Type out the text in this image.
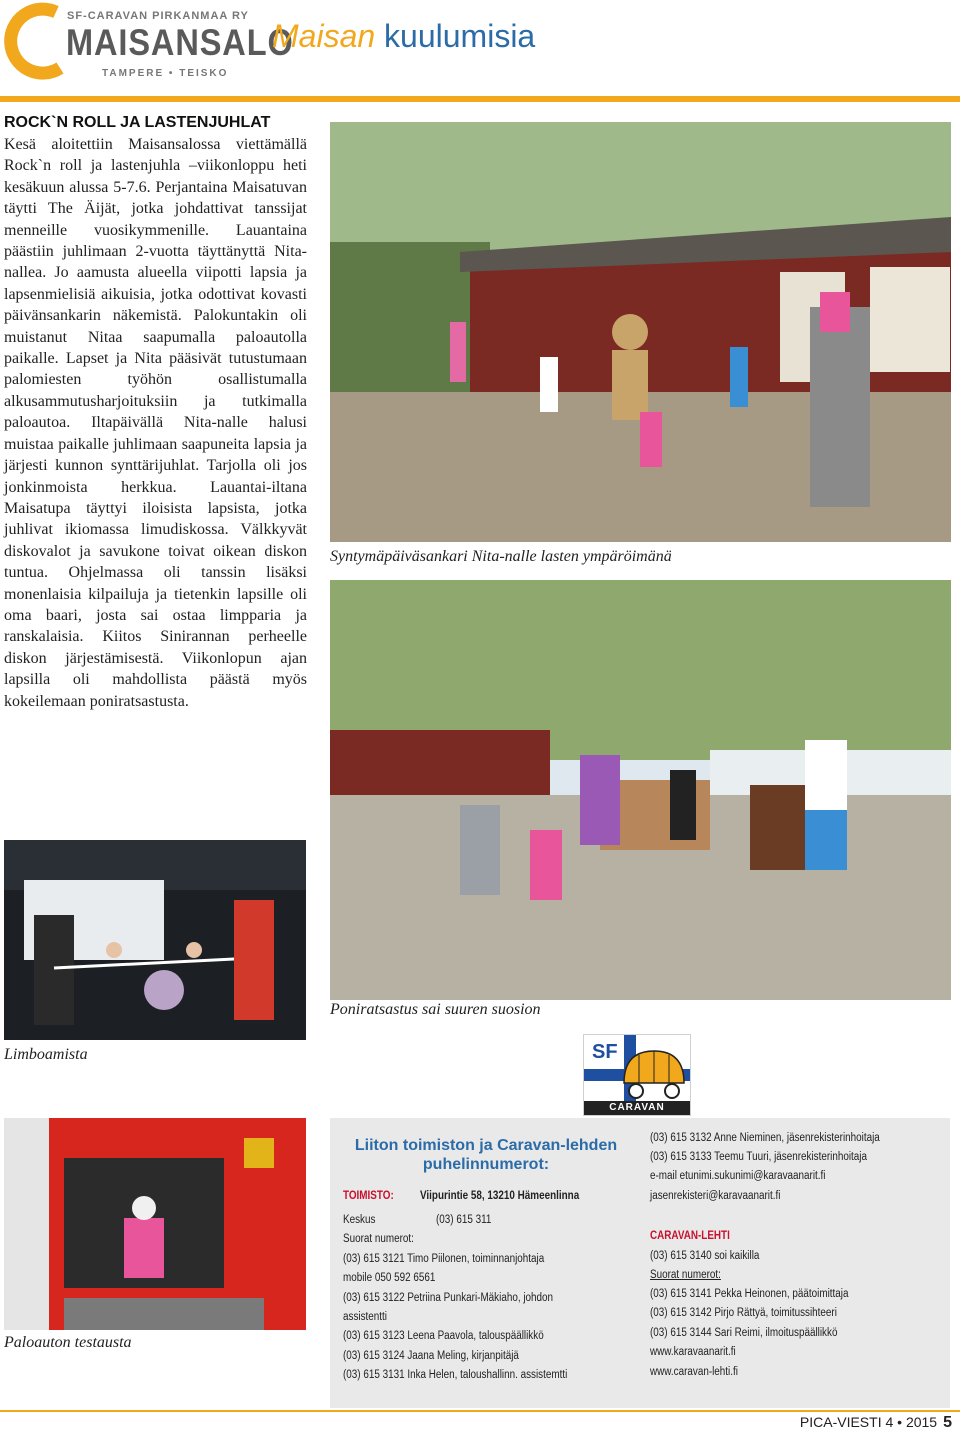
SF-CARAVAN PIRKANMAA RY
MAISANSALO
TAMPERE • TEISKO
Maisan kuulumisia
ROCK`N ROLL JA LASTENJUHLAT

Kesä aloitettiin Maisansalossa viettämällä Rock`n roll ja lastenjuhla –viikonloppu heti kesäkuun alussa 5-7.6. Perjantaina Maisatuvan täytti The Äijät, jotka johdattivat tanssijat menneille vuosikymmenille. Lauantaina päästiin juhlimaan 2-vuotta täyttänyttä Nita-nallea. Jo aamusta alueella viipotti lapsia ja lapsenmielisiä aikuisia, jotka odottivat kovasti päivänsankarin näkemistä. Palokuntakin oli muistanut Nitaa saapumalla paloautolla paikalle. Lapset ja Nita pääsivät tutustumaan palomiesten työhön osallistumalla alkusammutusharjoituksiin ja tutkimalla paloautoa. Iltapäivällä Nita-nalle halusi muistaa paikalle juhlimaan saapuneita lapsia ja järjesti kunnon synttärijuhlat. Tarjolla oli jos jonkinmoista herkkua. Lauantai-iltana Maisatupa täyttyi iloisista lapsista, jotka juhlivat ikiomassa limudiskossa. Välkkyvät diskovalot ja savukone toivat oikean diskon tuntua. Ohjelmassa oli tanssin lisäksi monenlaisia kilpailuja ja tietenkin lapsille oli oma baari, josta sai ostaa limpparia ja ranskalaisia. Kiitos Sinirannan perheelle diskon järjestämisestä. Viikonlopun ajan lapsilla oli mahdollista päästä myös kokeilemaan poniratsastusta.

Syntymäpäiväsankari Nita-nalle lasten ympäröimänä
Poniratsastus sai suuren suosion
Limboamista
Paloauton testausta
SF
CARAVAN
Liiton toimiston ja Caravan-lehden puhelinnumerot:
TOIMISTO: Viipurintie 58, 13210 Hämeenlinna
Keskus	(03) 615 311
Suorat numerot:
(03) 615 3121 Timo Piilonen, toiminnanjohtaja
mobile 050 592 6561
(03) 615 3122 Petriina Punkari-Mäkiaho, johdon
assistentti
(03) 615 3123 Leena Paavola, talouspäällikkö
(03) 615 3124 Jaana Meling, kirjanpitäjä
(03) 615 3131 Inka Helen, taloushallinn. assistemtti
(03) 615 3132 Anne Nieminen, jäsenrekisterinhoitaja
(03) 615 3133 Teemu Tuuri, jäsenrekisterinhoitaja
e-mail etunimi.sukunimi@karavaanarit.fi
jasenrekisteri@karavaanarit.fi
CARAVAN-LEHTI
(03) 615 3140 soi kaikilla
Suorat numerot:
(03) 615 3141 Pekka Heinonen, päätoimittaja
(03) 615 3142 Pirjo Rättyä, toimitussihteeri
(03) 615 3144 Sari Reimi, ilmoituspäällikkö
www.karavaanarit.fi
www.caravan-lehti.fi
PICA-VIESTI 4 • 2015 5
